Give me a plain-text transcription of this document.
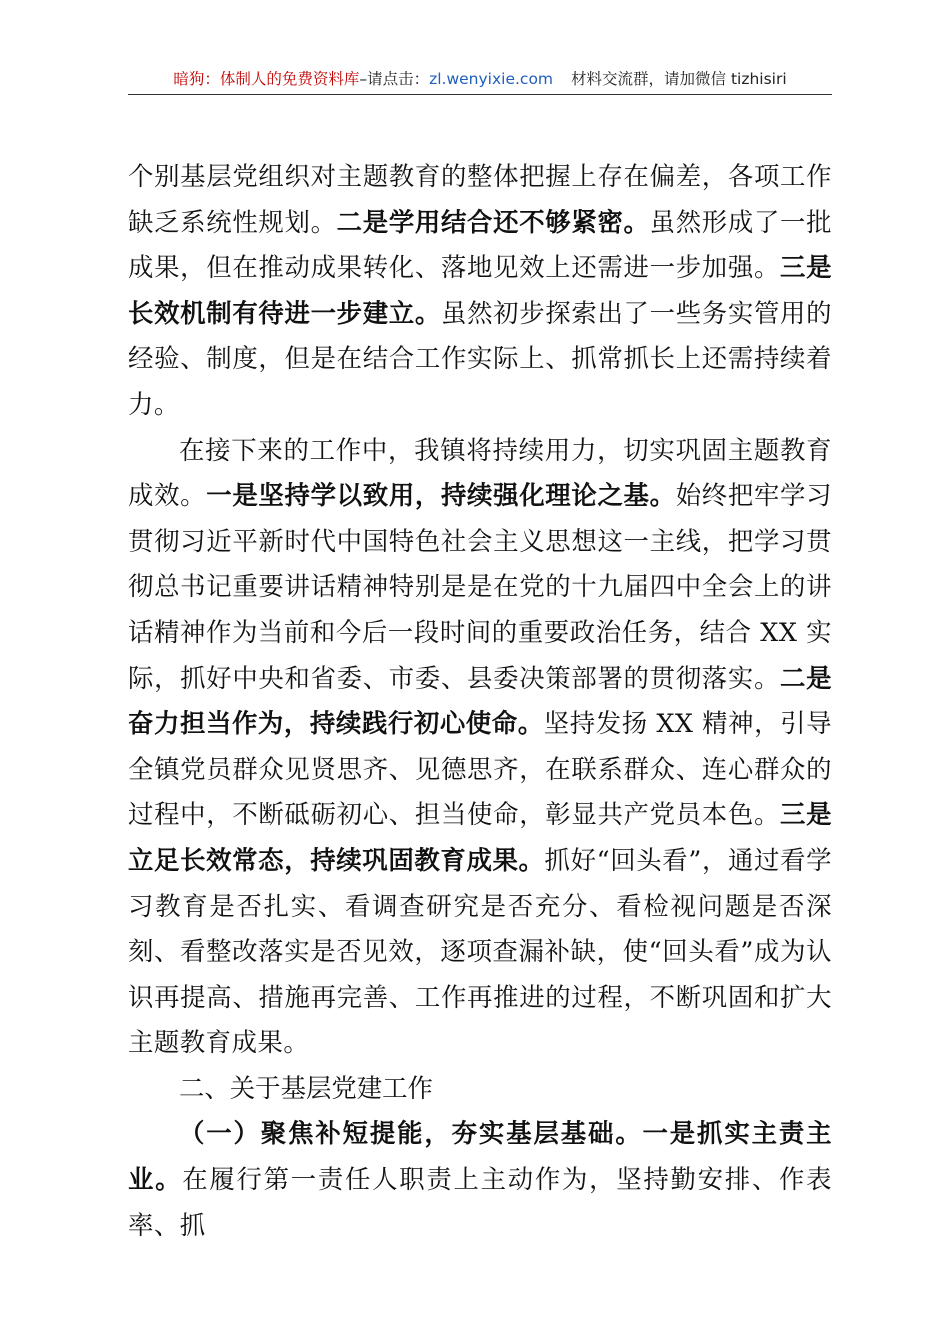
暗狗：体制人的免费资料库–请点击：zl.wenyixie.com 材料交流群，请加微信 tizhisiri

个别基层党组织对主题教育的整体把握上存在偏差，各项工作缺乏系统性规划。二是学用结合还不够紧密。虽然形成了一批成果，但在推动成果转化、落地见效上还需进一步加强。三是长效机制有待进一步建立。虽然初步探索出了一些务实管用的经验、制度，但是在结合工作实际上、抓常抓长上还需持续着力。

在接下来的工作中，我镇将持续用力，切实巩固主题教育成效。一是坚持学以致用，持续强化理论之基。始终把牢学习贯彻习近平新时代中国特色社会主义思想这一主线，把学习贯彻总书记重要讲话精神特别是是在党的十九届四中全会上的讲话精神作为当前和今后一段时间的重要政治任务，结合 XX 实际，抓好中央和省委、市委、县委决策部署的贯彻落实。二是奋力担当作为，持续践行初心使命。坚持发扬 XX 精神，引导全镇党员群众见贤思齐、见德思齐，在联系群众、连心群众的过程中，不断砥砺初心、担当使命，彰显共产党员本色。三是立足长效常态，持续巩固教育成果。抓好“回头看”，通过看学习教育是否扎实、看调查研究是否充分、看检视问题是否深刻、看整改落实是否见效，逐项查漏补缺，使“回头看”成为认识再提高、措施再完善、工作再推进的过程，不断巩固和扩大主题教育成果。

二、关于基层党建工作

（一）聚焦补短提能，夯实基层基础。一是抓实主责主业。在履行第一责任人职责上主动作为，坚持勤安排、作表率、抓
